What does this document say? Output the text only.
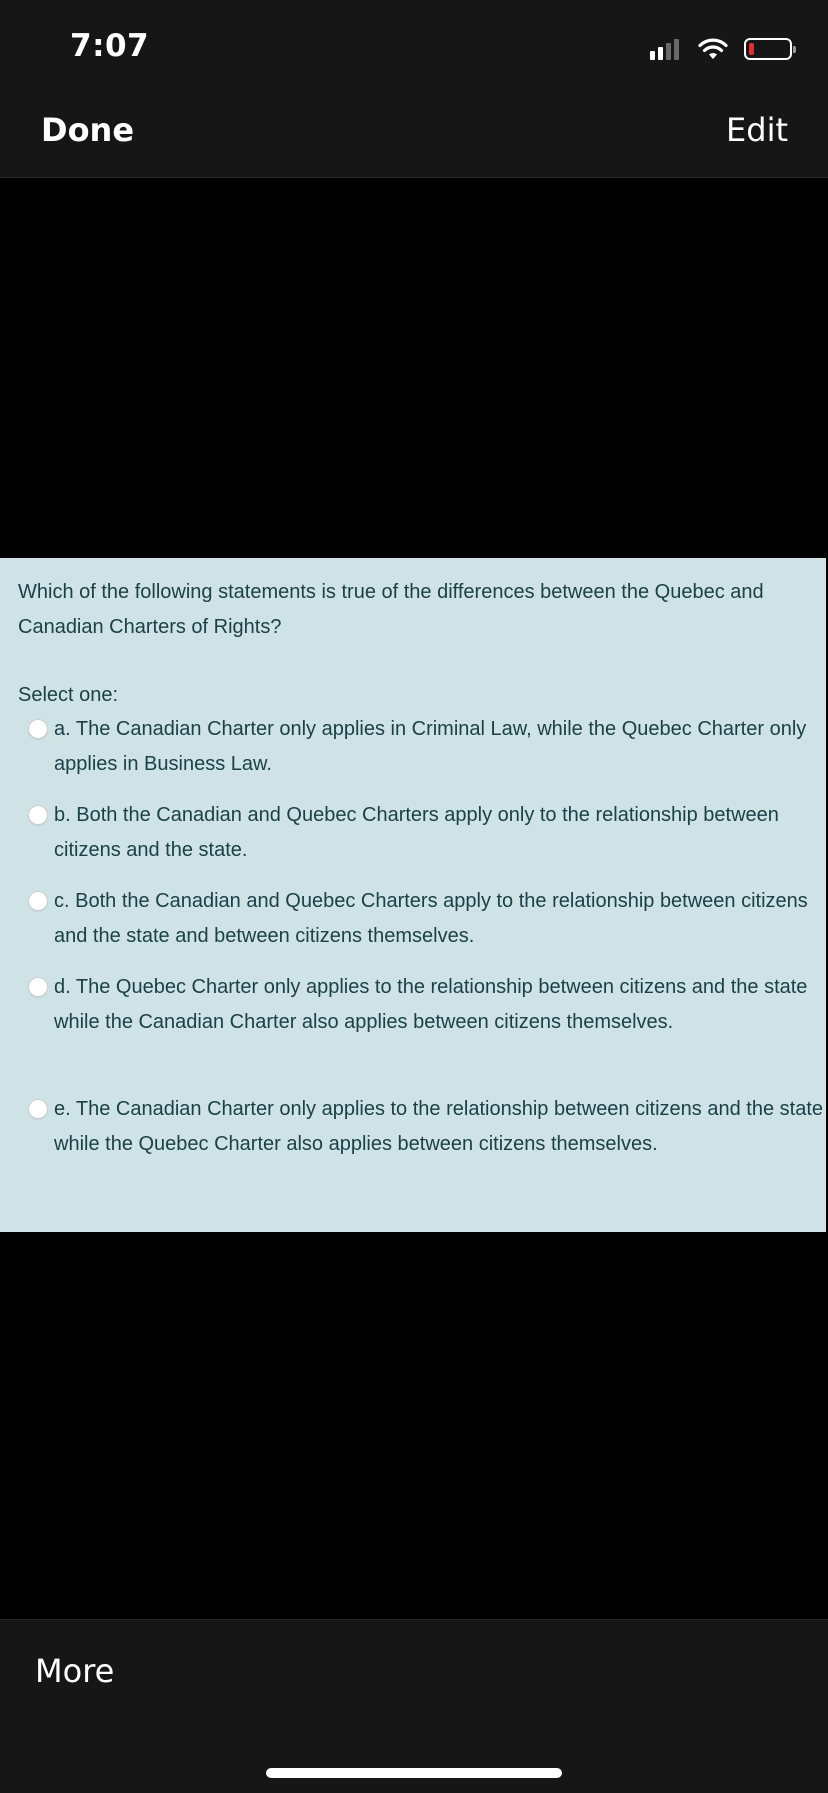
7:07
Done	Edit

Which of the following statements is true of the differences between the Quebec and Canadian Charters of Rights?

Select one:

a. The Canadian Charter only applies in Criminal Law, while the Quebec Charter only applies in Business Law.

b. Both the Canadian and Quebec Charters apply only to the relationship between citizens and the state.

c. Both the Canadian and Quebec Charters apply to the relationship between citizens and the state and between citizens themselves.

d. The Quebec Charter only applies to the relationship between citizens and the state while the Canadian Charter also applies between citizens themselves.

e. The Canadian Charter only applies to the relationship between citizens and the state while the Quebec Charter also applies between citizens themselves.

More
